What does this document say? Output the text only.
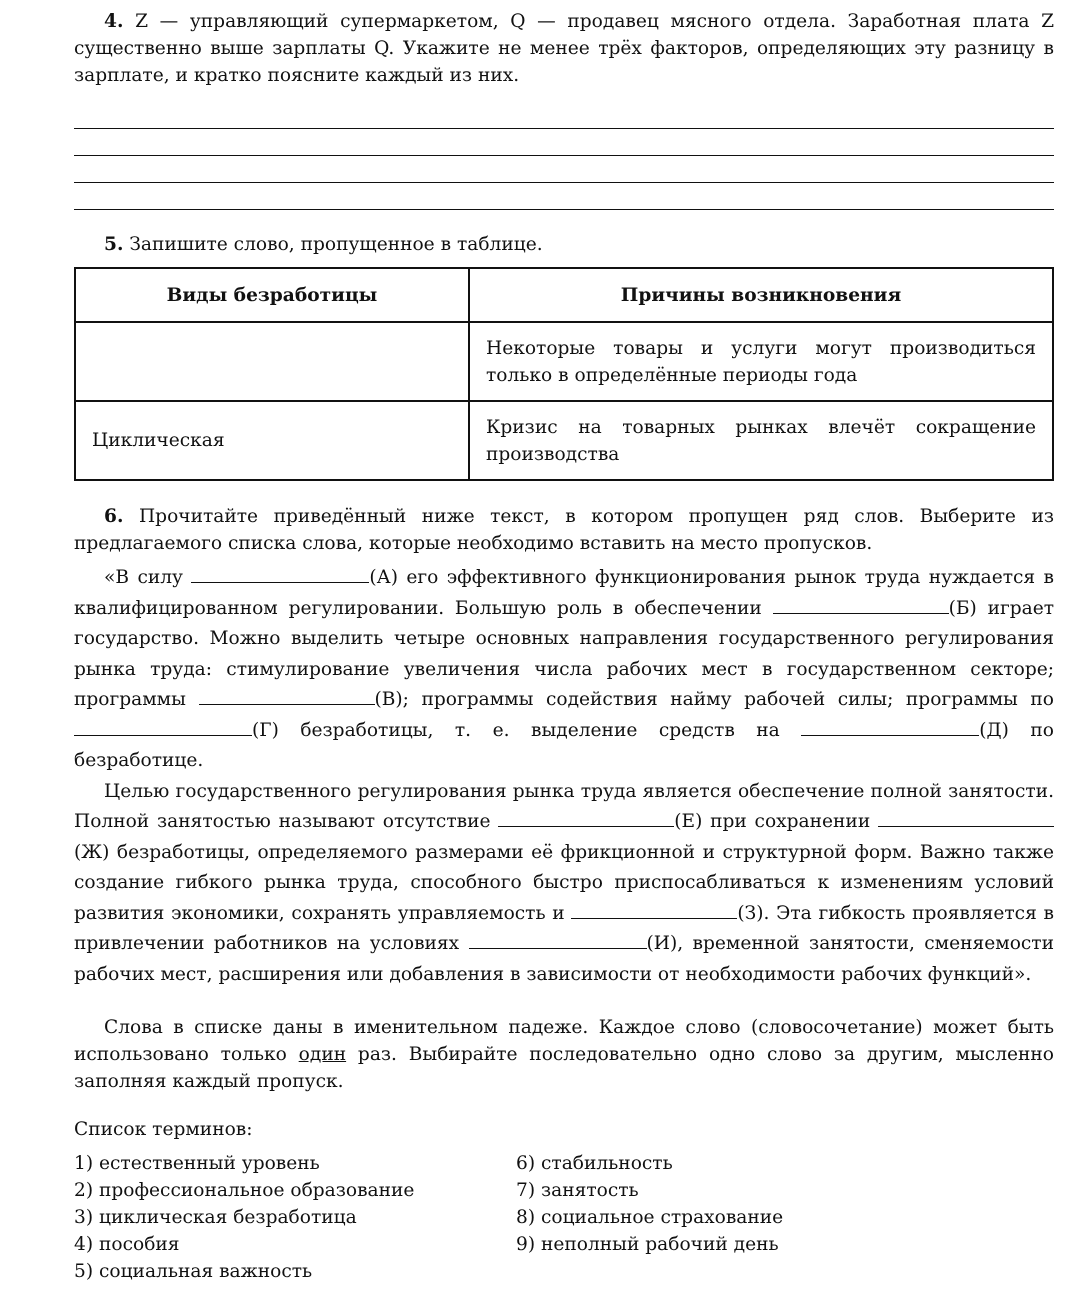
4. Z — управляющий супермаркетом, Q — продавец мясного отдела. Заработная плата Z существенно выше зарплаты Q. Укажите не менее трёх факторов, определяющих эту разницу в зарплате, и кратко поясните каждый из них.

5. Запишите слово, пропущенное в таблице.

Виды безработицы	Причины возникновения
	Некоторые товары и услуги могут производиться только в определённые периоды года
Циклическая	Кризис на товарных рынках влечёт сокращение производства

6. Прочитайте приведённый ниже текст, в котором пропущен ряд слов. Выберите из предлагаемого списка слова, которые необходимо вставить на место пропусков.

«В силу	(А) его эффективного функционирования рынок труда нуждается в квалифицированном регулировании. Большую роль в обеспечении	(Б) играет государство. Можно выделить четыре основных направления государственного регулирования рынка труда: стимулирование увеличения числа рабочих мест в государственном секторе; программы	(В); программы содействия найму рабочей силы; программы по (Г) безработицы, т. е. выделение средств на	(Д) по безработице.

Целью государственного регулирования рынка труда является обеспечение полной занятости. Полной занятостью называют отсутствие	(Е) при сохранении (Ж) безработицы, определяемого размерами её фрикционной и структурной форм. Важно также создание гибкого рынка труда, способного быстро приспосабливаться к изменениям условий развития экономики, сохранять управляемость и	(З). Эта гибкость проявляется в привлечении работников на условиях	(И), временной занятости, сменяемости рабочих мест, расширения или добавления в зависимости от необходимости рабочих функций».

Слова в списке даны в именительном падеже. Каждое слово (словосочетание) может быть использовано только один раз. Выбирайте последовательно одно слово за другим, мысленно заполняя каждый пропуск.

Список терминов:

1) естественный уровень
2) профессиональное образование
3) циклическая безработица
4) пособия
5) социальная важность
6) стабильность
7) занятость
8) социальное страхование
9) неполный рабочий день
